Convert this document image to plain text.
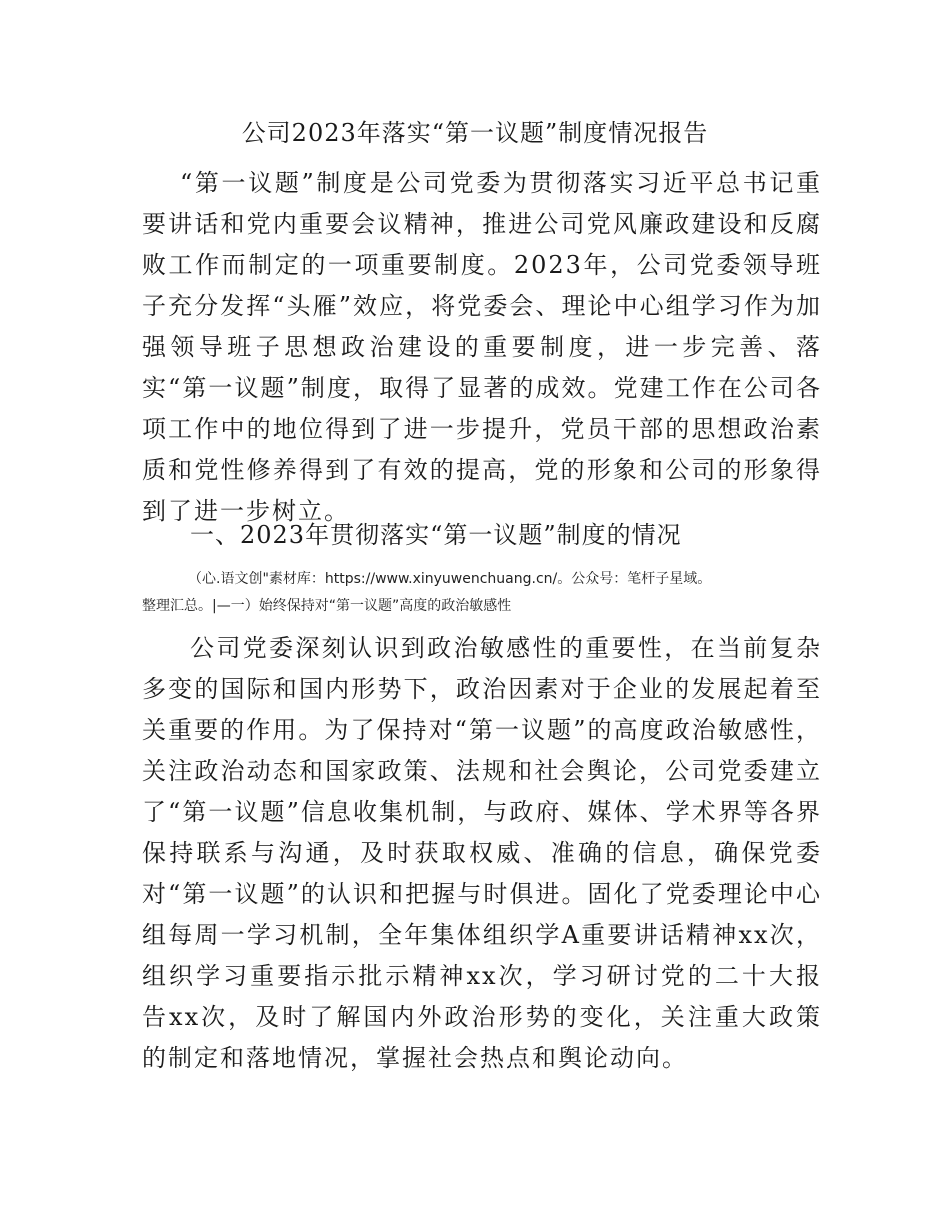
公司2023年落实“第一议题”制度情况报告

“第一议题”制度是公司党委为贯彻落实习近平总书记重要讲话和党内重要会议精神，推进公司党风廉政建设和反腐败工作而制定的一项重要制度。2023年，公司党委领导班子充分发挥“头雁”效应，将党委会、理论中心组学习作为加强领导班子思想政治建设的重要制度，进一步完善、落实“第一议题”制度，取得了显著的成效。党建工作在公司各项工作中的地位得到了进一步提升，党员干部的思想政治素质和党性修养得到了有效的提高，党的形象和公司的形象得到了进一步树立。

一、2023年贯彻落实“第一议题”制度的情况

（心.语文创"素材库：https://www.xinyuwenchuang.cn/。公众号：笔杆子星域。
整理汇总。|—一）始终保持对“第一议题”高度的政治敏感性

公司党委深刻认识到政治敏感性的重要性，在当前复杂多变的国际和国内形势下，政治因素对于企业的发展起着至关重要的作用。为了保持对“第一议题”的高度政治敏感性，关注政治动态和国家政策、法规和社会舆论，公司党委建立了“第一议题”信息收集机制，与政府、媒体、学术界等各界保持联系与沟通，及时获取权威、准确的信息，确保党委对“第一议题”的认识和把握与时俱进。固化了党委理论中心组每周一学习机制，全年集体组织学A重要讲话精神xx次，组织学习重要指示批示精神xx次，学习研讨党的二十大报告xx次，及时了解国内外政治形势的变化，关注重大政策的制定和落地情况，掌握社会热点和舆论动向。
